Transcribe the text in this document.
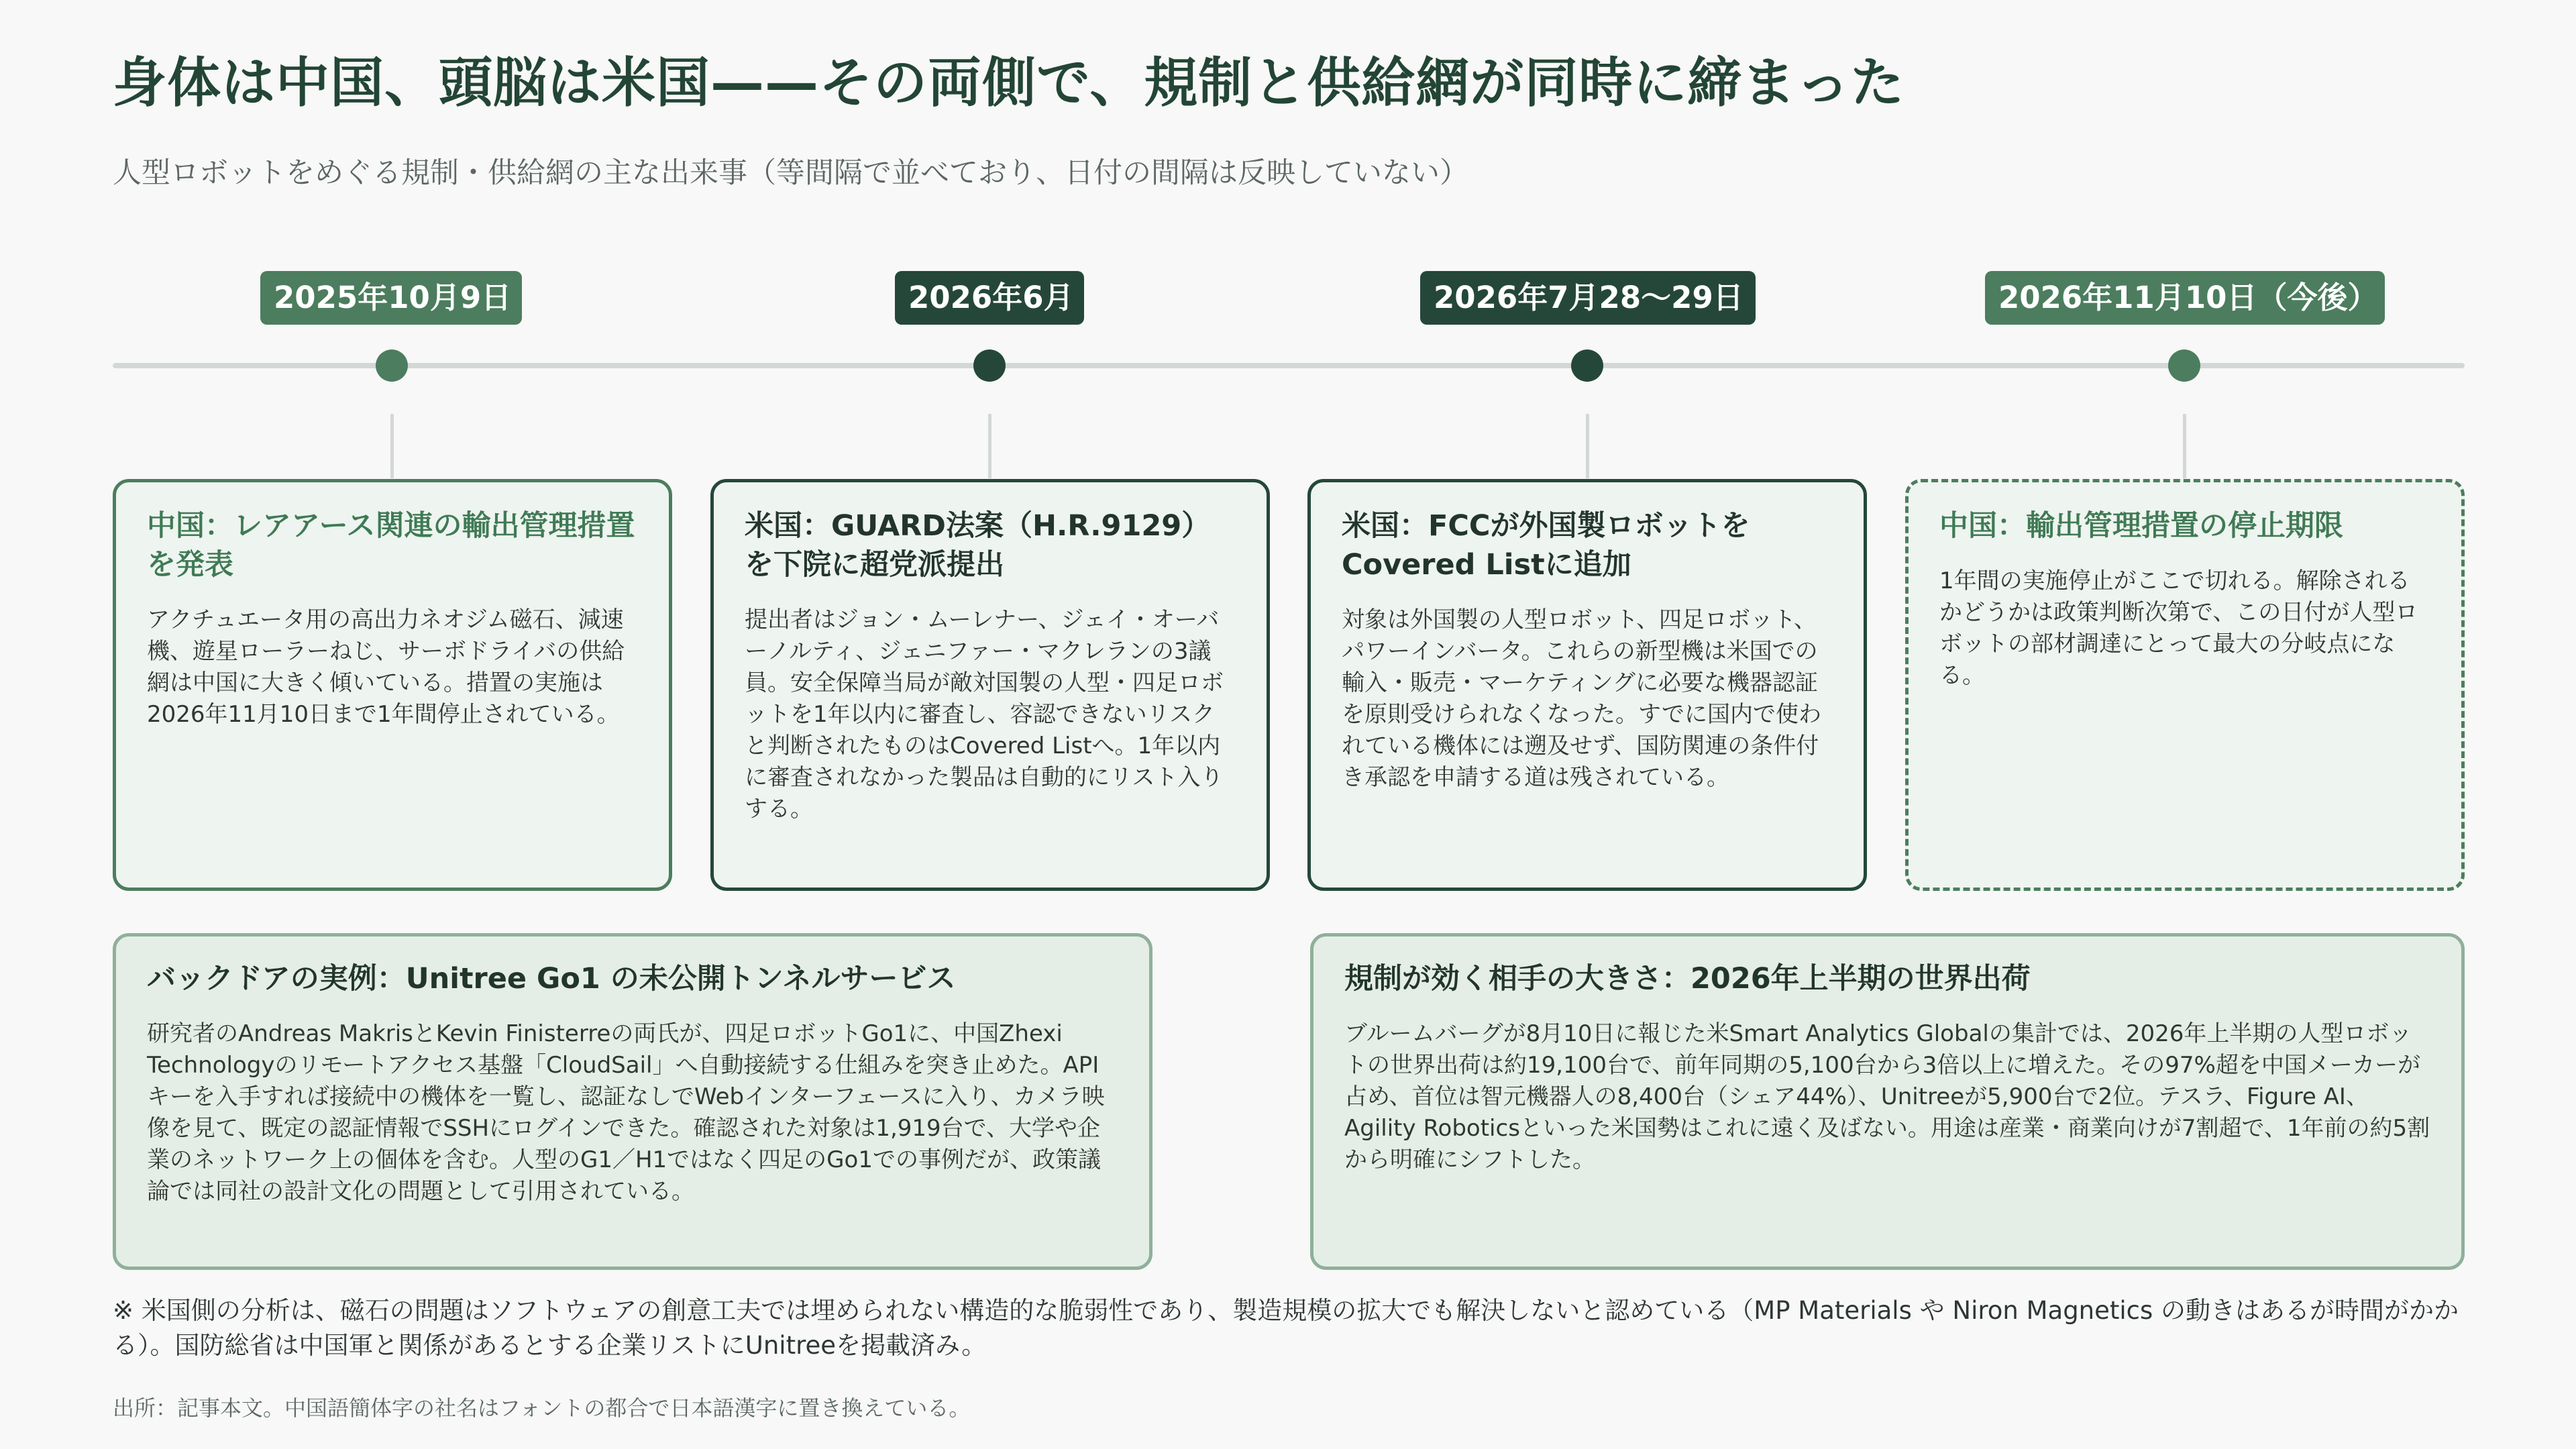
身体は中国、頭脳は米国——その両側で、規制と供給網が同時に締まった
人型ロボットをめぐる規制・供給網の主な出来事（等間隔で並べており、日付の間隔は反映していない）
2025年10月9日
中国：レアアース関連の輸出管理措置を発表
アクチュエータ用の高出力ネオジム磁石、減速機、遊星ローラーねじ、サーボドライバの供給網は中国に大きく傾いている。措置の実施は2026年11月10日まで1年間停止されている。
2026年6月
米国：GUARD法案（H.R.9129）を下院に超党派提出
提出者はジョン・ムーレナー、ジェイ・オーバーノルティ、ジェニファー・マクレランの3議員。安全保障当局が敵対国製の人型・四足ロボットを1年以内に審査し、容認できないリスクと判断されたものはCovered Listへ。1年以内に審査されなかった製品は自動的にリスト入りする。
2026年7月28〜29日
米国：FCCが外国製ロボットをCovered Listに追加
対象は外国製の人型ロボット、四足ロボット、パワーインバータ。これらの新型機は米国での輸入・販売・マーケティングに必要な機器認証を原則受けられなくなった。すでに国内で使われている機体には遡及せず、国防関連の条件付き承認を申請する道は残されている。
2026年11月10日（今後）
中国：輸出管理措置の停止期限
1年間の実施停止がここで切れる。解除されるかどうかは政策判断次第で、この日付が人型ロボットの部材調達にとって最大の分岐点になる。
バックドアの実例：Unitree Go1 の未公開トンネルサービス
研究者のAndreas MakrisとKevin Finisterreの両氏が、四足ロボットGo1に、中国Zhexi Technologyのリモートアクセス基盤「CloudSail」へ自動接続する仕組みを突き止めた。APIキーを入手すれば接続中の機体を一覧し、認証なしでWebインターフェースに入り、カメラ映像を見て、既定の認証情報でSSHにログインできた。確認された対象は1,919台で、大学や企業のネットワーク上の個体を含む。人型のG1／H1ではなく四足のGo1での事例だが、政策議論では同社の設計文化の問題として引用されている。
規制が効く相手の大きさ：2026年上半期の世界出荷
ブルームバーグが8月10日に報じた米Smart Analytics Globalの集計では、2026年上半期の人型ロボットの世界出荷は約19,100台で、前年同期の5,100台から3倍以上に増えた。その97%超を中国メーカーが占め、首位は智元機器人の8,400台（シェア44%）、Unitreeが5,900台で2位。テスラ、Figure AI、Agility Roboticsといった米国勢はこれに遠く及ばない。用途は産業・商業向けが7割超で、1年前の約5割から明確にシフトした。
※ 米国側の分析は、磁石の問題はソフトウェアの創意工夫では埋められない構造的な脆弱性であり、製造規模の拡大でも解決しないと認めている（MP Materials や Niron Magnetics の動きはあるが時間がかかる）。国防総省は中国軍と関係があるとする企業リストにUnitreeを掲載済み。
出所：記事本文。中国語簡体字の社名はフォントの都合で日本語漢字に置き換えている。
